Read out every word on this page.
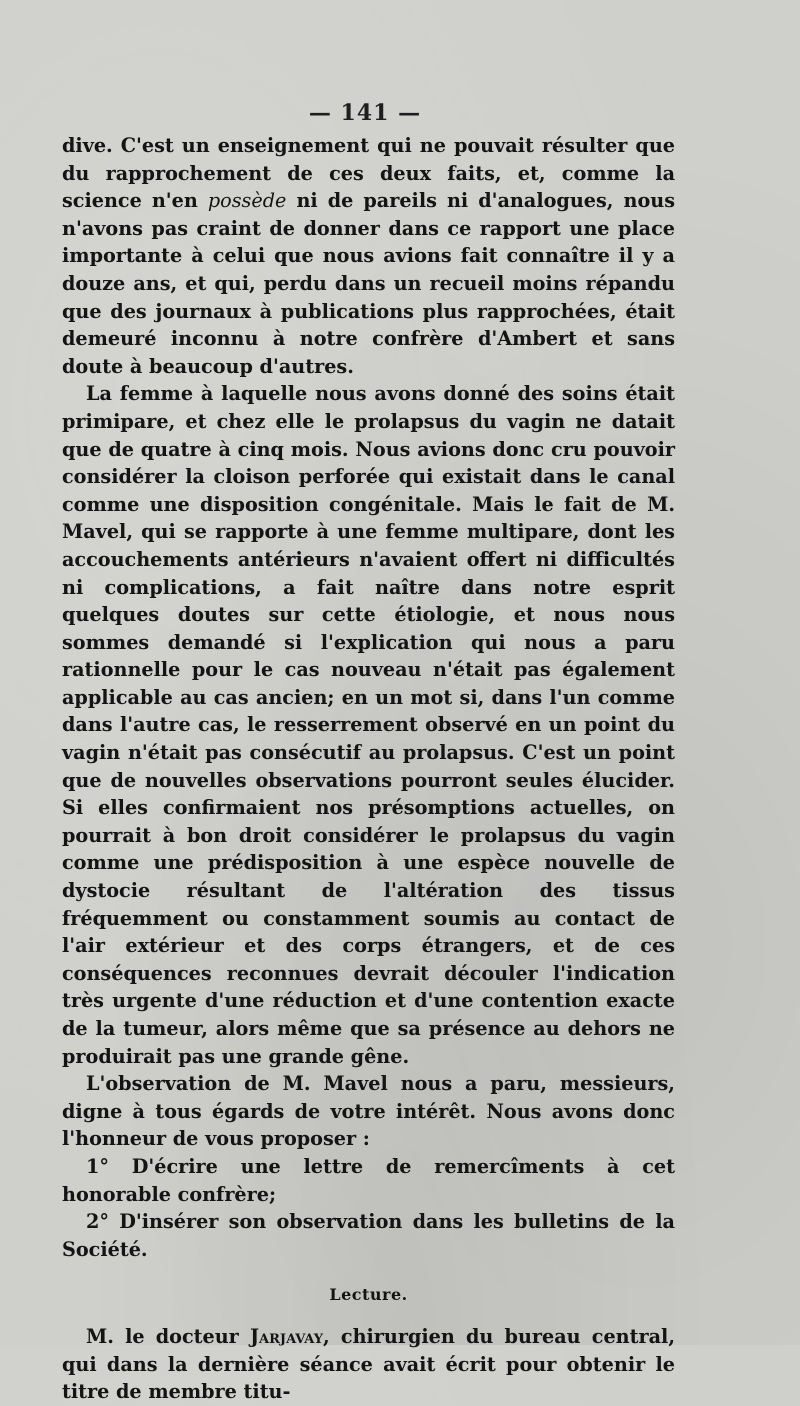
— 141 —

dive. C'est un enseignement qui ne pouvait résulter que du rapprochement de ces deux faits, et, comme la science n'en possède ni de pareils ni d'analogues, nous n'avons pas craint de donner dans ce rapport une place importante à celui que nous avions fait connaître il y a douze ans, et qui, perdu dans un recueil moins répandu que des journaux à publications plus rapprochées, était demeuré inconnu à notre confrère d'Ambert et sans doute à beaucoup d'autres.

La femme à laquelle nous avons donné des soins était primipare, et chez elle le prolapsus du vagin ne datait que de quatre à cinq mois. Nous avions donc cru pouvoir considérer la cloison perforée qui existait dans le canal comme une disposition congénitale. Mais le fait de M. Mavel, qui se rapporte à une femme multipare, dont les accouchements antérieurs n'avaient offert ni difficultés ni complications, a fait naître dans notre esprit quelques doutes sur cette étiologie, et nous nous sommes demandé si l'explication qui nous a paru rationnelle pour le cas nouveau n'était pas également applicable au cas ancien; en un mot si, dans l'un comme dans l'autre cas, le resserrement observé en un point du vagin n'était pas consécutif au prolapsus. C'est un point que de nouvelles observations pourront seules élucider. Si elles confirmaient nos présomptions actuelles, on pourrait à bon droit considérer le prolapsus du vagin comme une prédisposition à une espèce nouvelle de dystocie résultant de l'altération des tissus fréquemment ou constamment soumis au contact de l'air extérieur et des corps étrangers, et de ces conséquences reconnues devrait découler l'indication très urgente d'une réduction et d'une contention exacte de la tumeur, alors même que sa présence au dehors ne produirait pas une grande gêne.

L'observation de M. Mavel nous a paru, messieurs, digne à tous égards de votre intérêt. Nous avons donc l'honneur de vous proposer :

1° D'écrire une lettre de remercîments à cet honorable confrère;

2° D'insérer son observation dans les bulletins de la Société.

Lecture.

M. le docteur Jarjavay, chirurgien du bureau central, qui dans la dernière séance avait écrit pour obtenir le titre de membre titu-
